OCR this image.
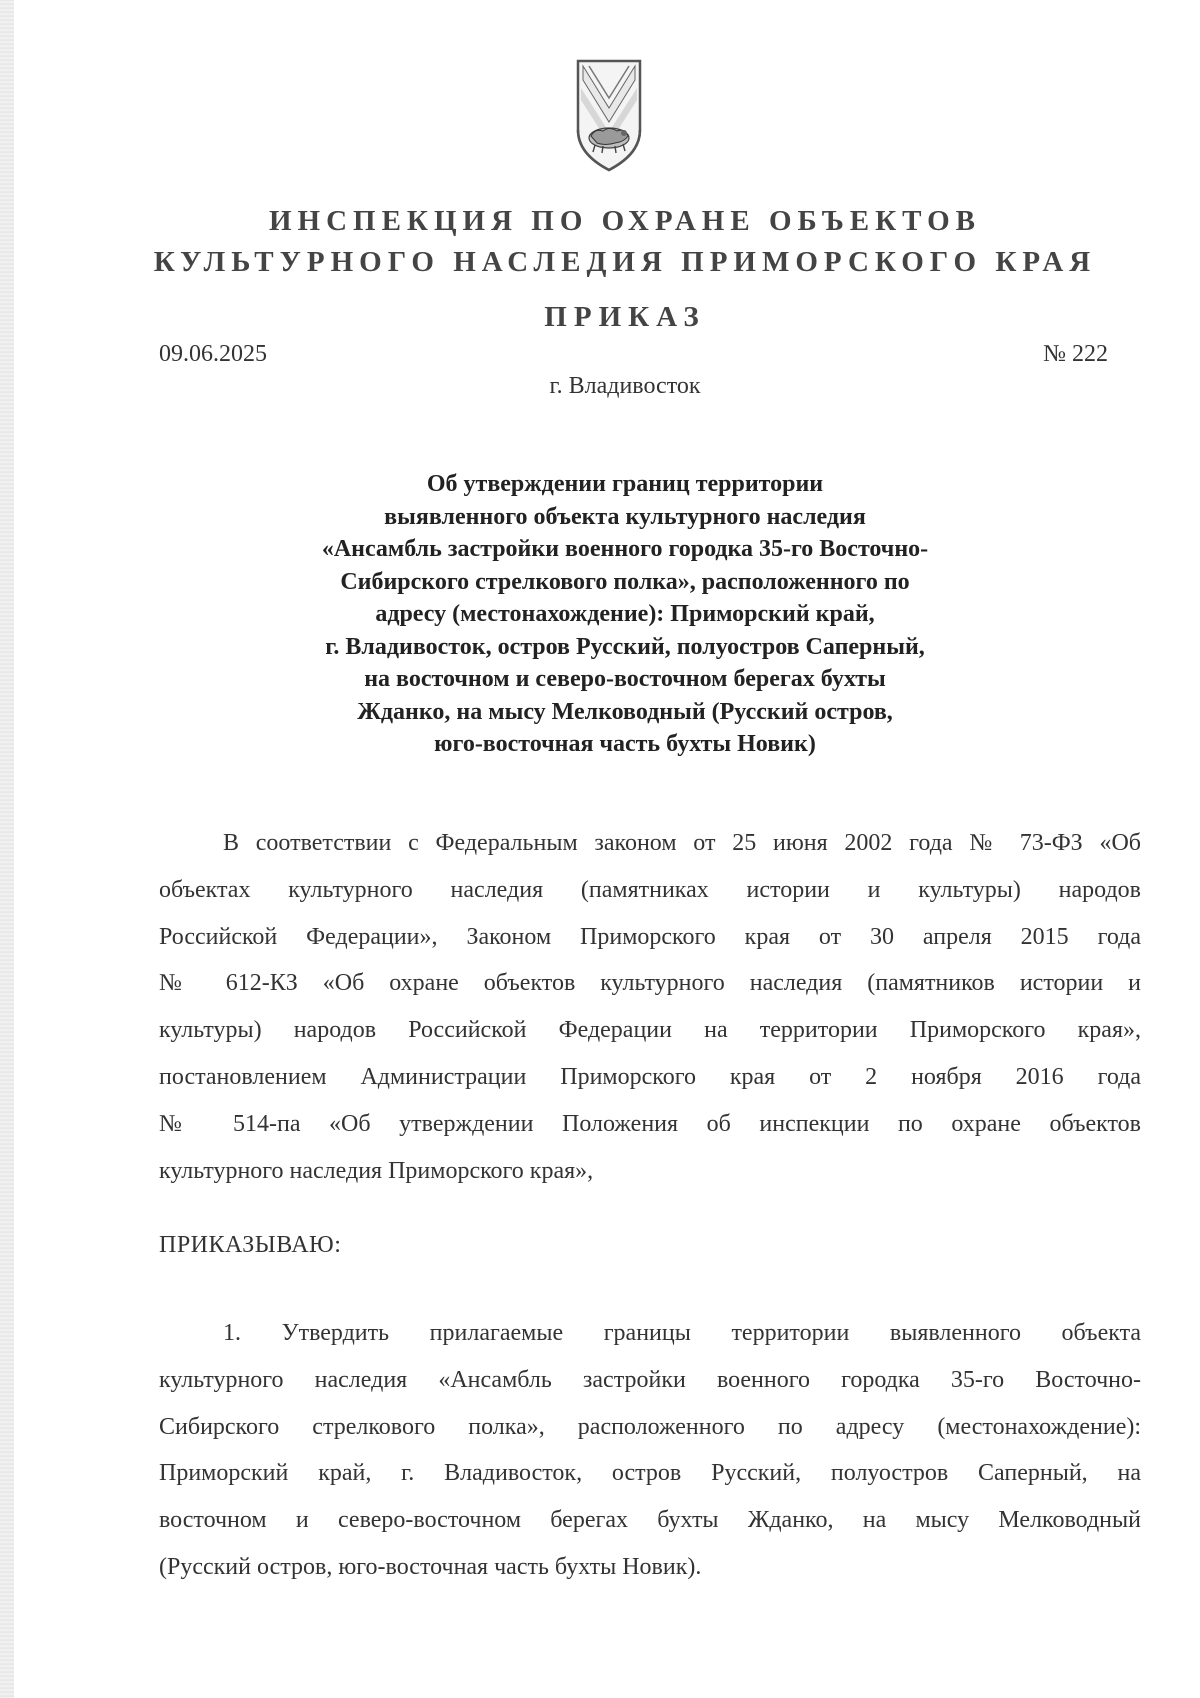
ИНСПЕКЦИЯ ПО ОХРАНЕ ОБЪЕКТОВ
КУЛЬТУРНОГО НАСЛЕДИЯ ПРИМОРСКОГО КРАЯ
ПРИКАЗ
09.06.2025	№ 222
г. Владивосток
Об утверждении границ территории
выявленного объекта культурного наследия
«Ансамбль застройки военного городка 35-го Восточно-
Сибирского стрелкового полка», расположенного по
адресу (местонахождение): Приморский край,
г. Владивосток, остров Русский, полуостров Саперный,
на восточном и северо-восточном берегах бухты
Жданко, на мысу Мелководный (Русский остров,
юго-восточная часть бухты Новик)
В соответствии с Федеральным законом от 25 июня 2002 года № 73-ФЗ «Об
объектах культурного наследия (памятниках истории и культуры) народов
Российской Федерации», Законом Приморского края от 30 апреля 2015 года
№ 612-КЗ «Об охране объектов культурного наследия (памятников истории и
культуры) народов Российской Федерации на территории Приморского края»,
постановлением Администрации Приморского края от 2 ноября 2016 года
№ 514-па «Об утверждении Положения об инспекции по охране объектов
культурного наследия Приморского края»,
ПРИКАЗЫВАЮ:
1. Утвердить прилагаемые границы территории выявленного объекта
культурного наследия «Ансамбль застройки военного городка 35-го Восточно-
Сибирского стрелкового полка», расположенного по адресу (местонахождение):
Приморский край, г. Владивосток, остров Русский, полуостров Саперный, на
восточном и северо-восточном берегах бухты Жданко, на мысу Мелководный
(Русский остров, юго-восточная часть бухты Новик).
